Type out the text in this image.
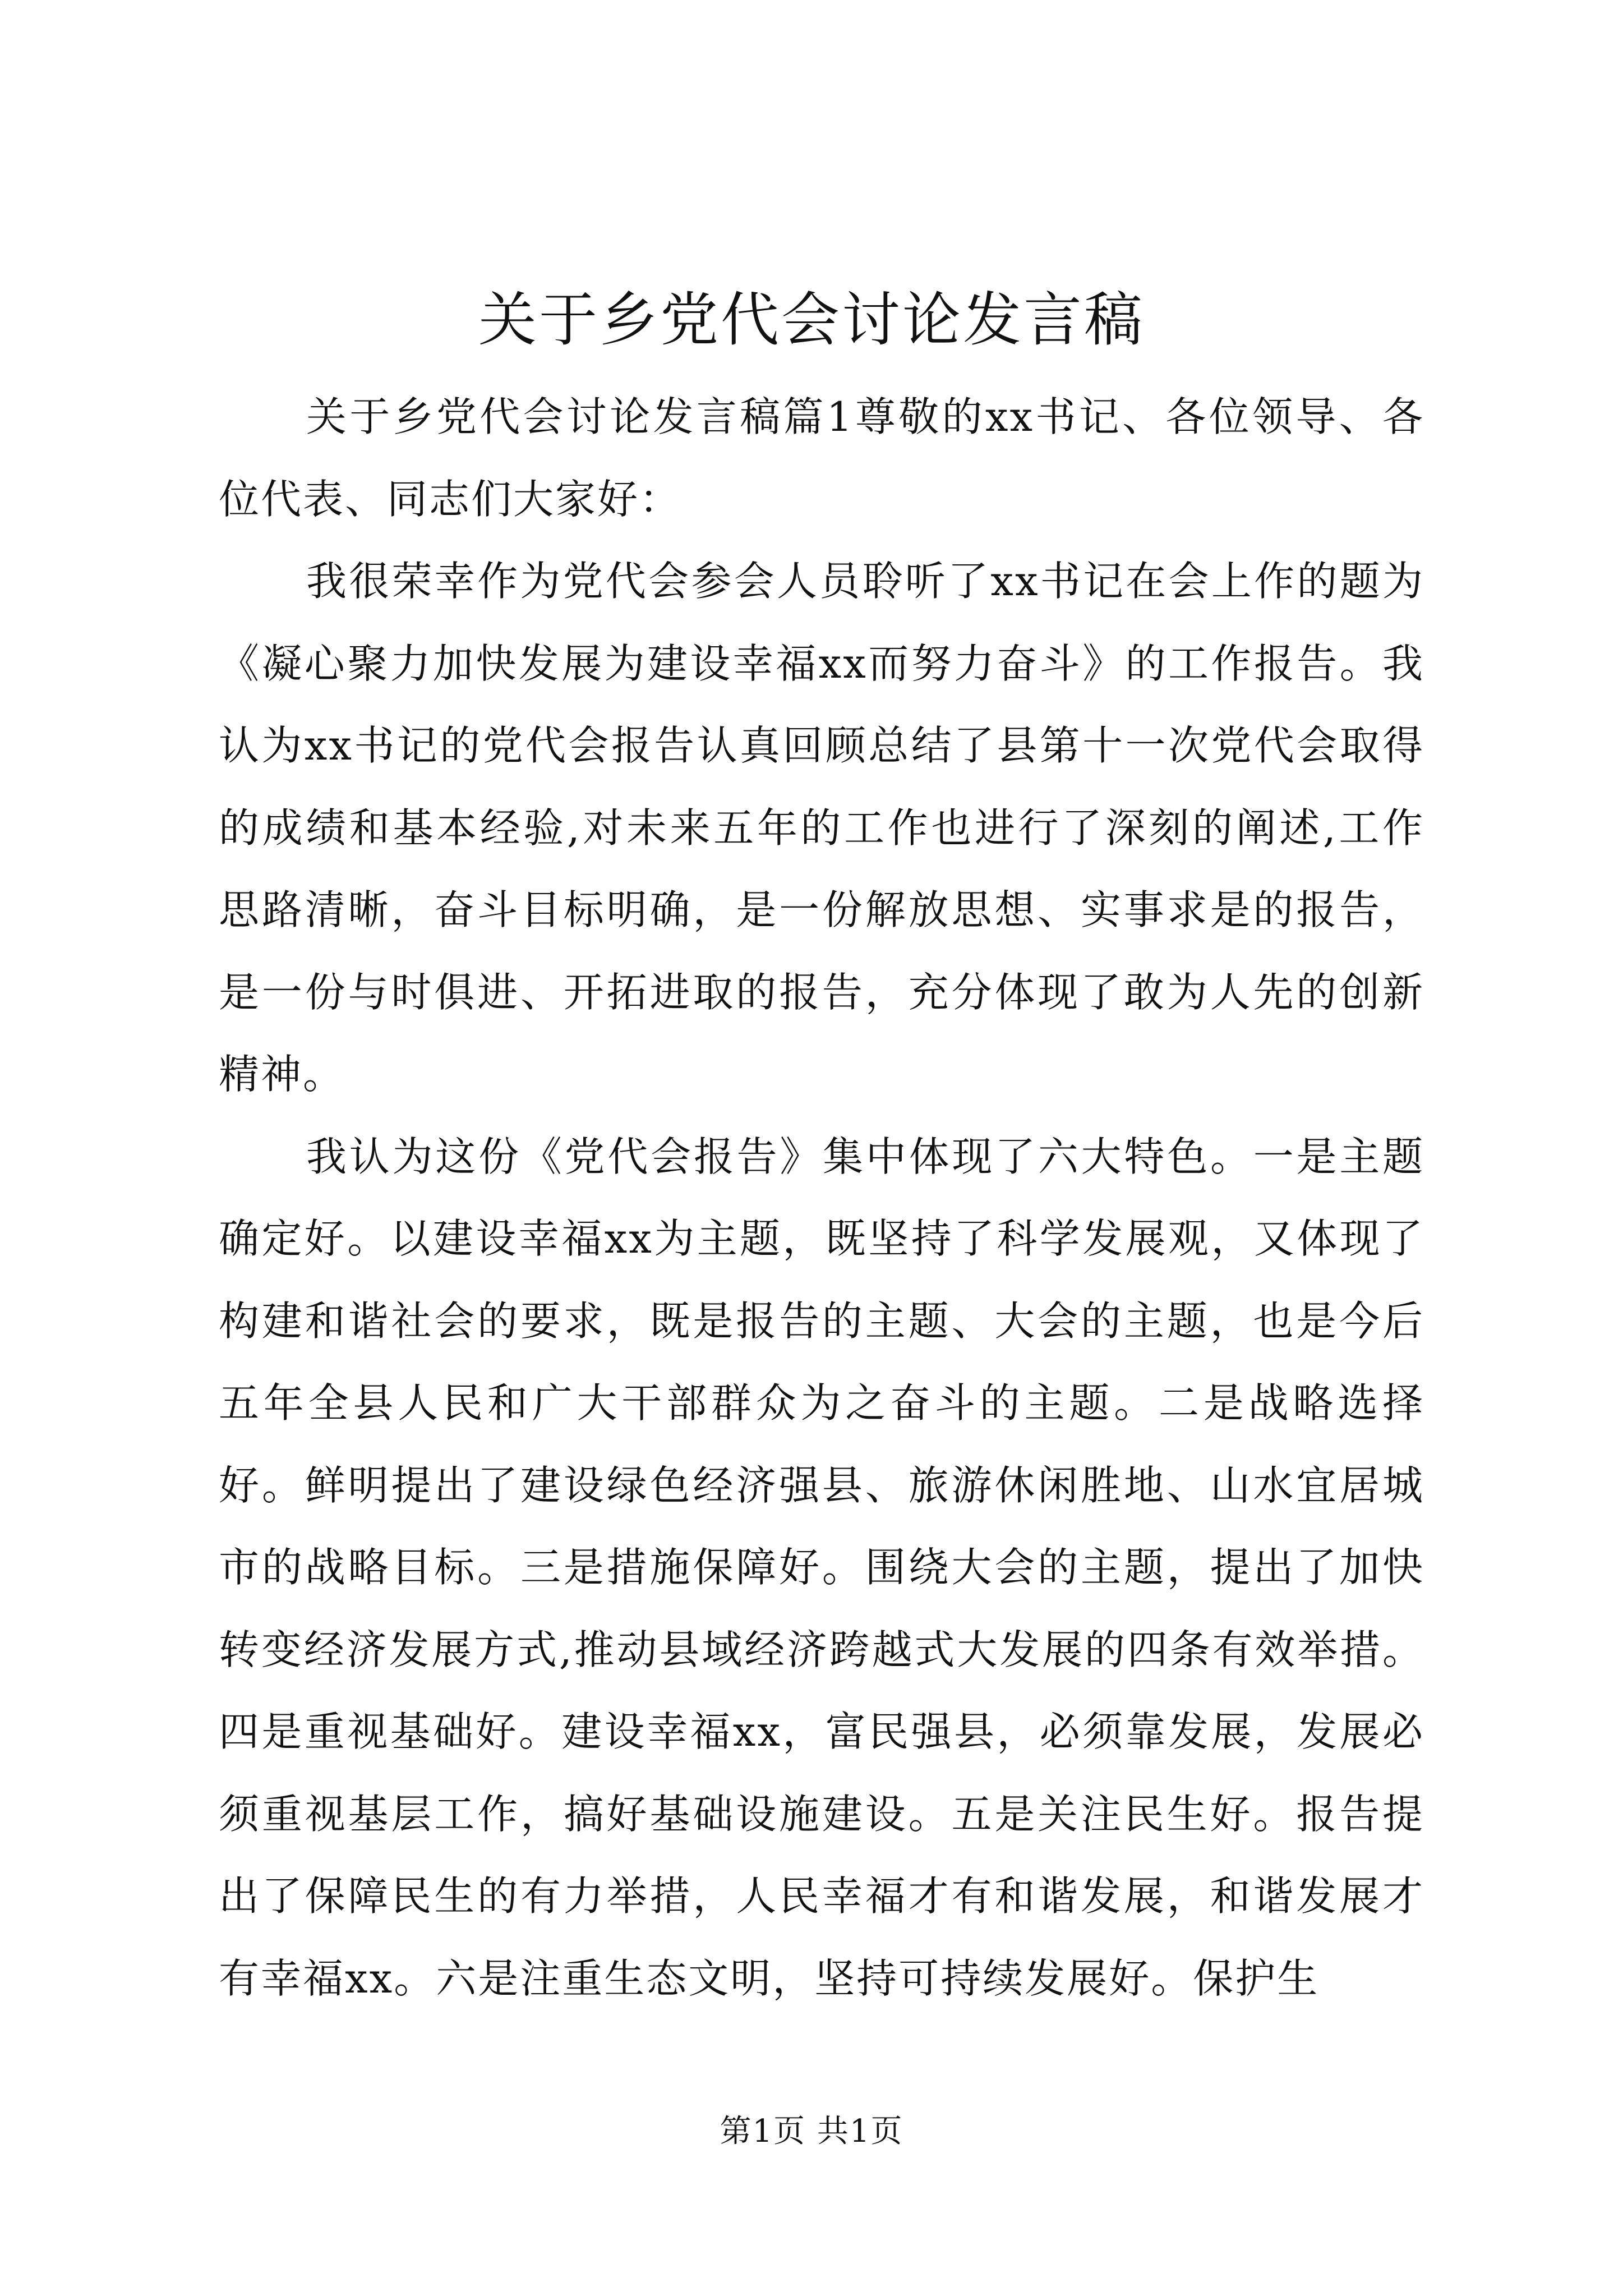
关于乡党代会讨论发言稿

关于乡党代会讨论发言稿篇1尊敬的xx书记、各位领导、各位代表、同志们大家好：

我很荣幸作为党代会参会人员聆听了xx书记在会上作的题为《凝心聚力加快发展为建设幸福xx而努力奋斗》的工作报告。我认为xx书记的党代会报告认真回顾总结了县第十一次党代会取得的成绩和基本经验,对未来五年的工作也进行了深刻的阐述,工作思路清晰，奋斗目标明确，是一份解放思想、实事求是的报告，是一份与时俱进、开拓进取的报告，充分体现了敢为人先的创新精神。

我认为这份《党代会报告》集中体现了六大特色。一是主题确定好。以建设幸福xx为主题，既坚持了科学发展观，又体现了构建和谐社会的要求，既是报告的主题、大会的主题，也是今后五年全县人民和广大干部群众为之奋斗的主题。二是战略选择好。鲜明提出了建设绿色经济强县、旅游休闲胜地、山水宜居城市的战略目标。三是措施保障好。围绕大会的主题，提出了加快转变经济发展方式,推动县域经济跨越式大发展的四条有效举措。四是重视基础好。建设幸福xx，富民强县，必须靠发展，发展必须重视基层工作，搞好基础设施建设。五是关注民生好。报告提出了保障民生的有力举措，人民幸福才有和谐发展，和谐发展才有幸福xx。六是注重生态文明，坚持可持续发展好。保护生

第1页 共1页
